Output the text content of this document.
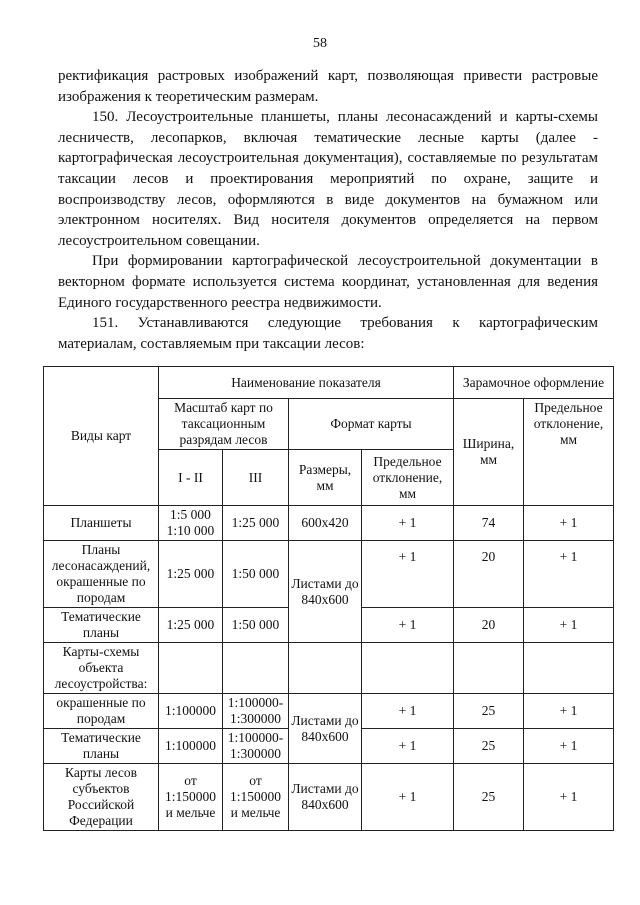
58

ректификация растровых изображений карт, позволяющая привести растровые изображения к теоретическим размерам.

150. Лесоустроительные планшеты, планы лесонасаждений и карты-схемы лесничеств, лесопарков, включая тематические лесные карты (далее - картографическая лесоустроительная документация), составляемые по результатам таксации лесов и проектирования мероприятий по охране, защите и воспроизводству лесов, оформляются в виде документов на бумажном или электронном носителях. Вид носителя документов определяется на первом лесоустроительном совещании.

При формировании картографической лесоустроительной документации в векторном формате используется система координат, установленная для ведения Единого государственного реестра недвижимости.

151. Устанавливаются следующие требования к картографическим материалам, составляемым при таксации лесов:

Виды карт	Наименование показателя				Зарамочное оформление	
	Масштаб карт по таксационным разрядам лесов		Формат карты		Ширина, мм	Предельное отклонение, мм
	I - II	III	Размеры, мм	Предельное отклонение, мм		
Планшеты	1:5 000 1:10 000	1:25 000	600х420	+ 1	74	+ 1
Планы лесонасаждений, окрашенные по породам	1:25 000	1:50 000	Листами до 840х600	+ 1	20	+ 1
Тематические планы	1:25 000	1:50 000		+ 1	20	+ 1
Карты-схемы объекта лесоустройства:						
окрашенные по породам	1:100000	1:100000-1:300000	Листами до 840х600	+ 1	25	+ 1
Тематические планы	1:100000	1:100000-1:300000		+ 1	25	+ 1
Карты лесов субъектов Российской Федерации	от 1:150000 и мельче	от 1:150000 и мельче	Листами до 840х600	+ 1	25	+ 1
